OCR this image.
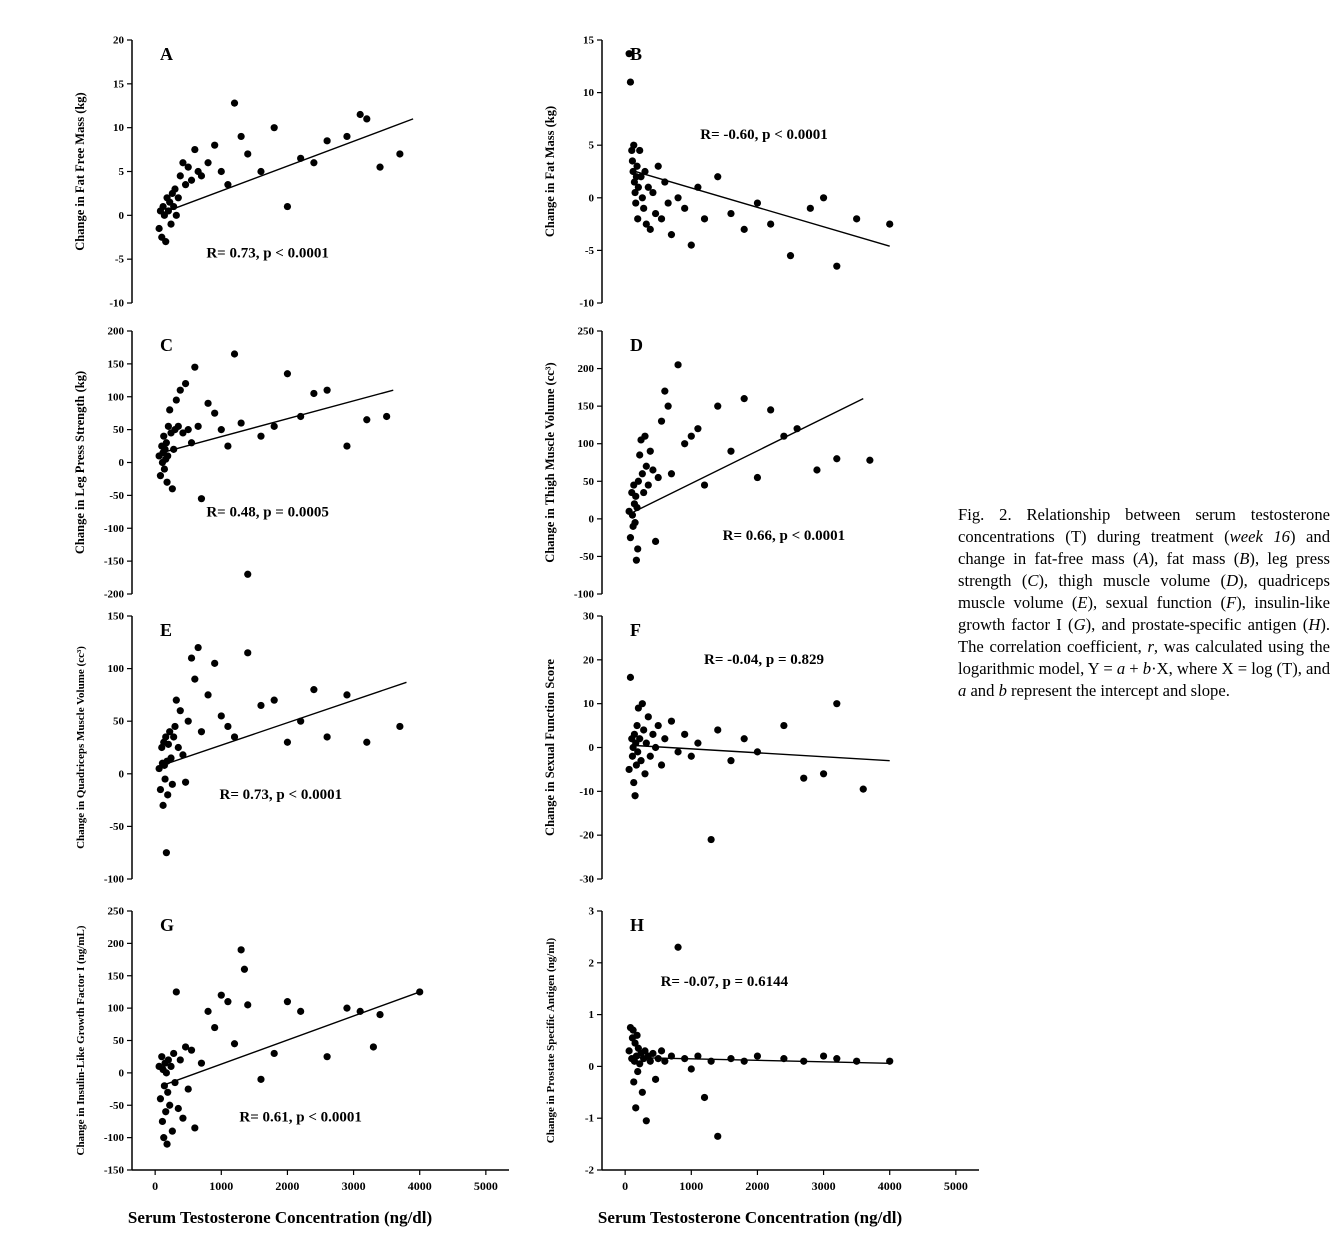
20
15
10
5
0
-5
-10
Change in Fat Free Mass (kg)
A
R= 0.73, p < 0.0001
15
10
5
0
-5
-10
Change in Fat Mass (kg)
B
R= -0.60, p < 0.0001
200
150
100
50
0
-50
-100
-150
-200
Change in Leg Press Strength (kg)
C
R= 0.48, p = 0.0005
250
200
150
100
50
0
-50
-100
Change in Thigh Muscle Volume (cc³)
D
R= 0.66, p < 0.0001
150
100
50
0
-50
-100
Change in Quadriceps Muscle Volume (cc³)
E
R= 0.73, p < 0.0001
30
20
10
0
-10
-20
-30
Change in Sexual Function Score
F
R= -0.04, p = 0.829
250
200
150
100
50
0
-50
-100
-150
Change in Insulin-Like Growth Factor I (ng/mL)
0	1000	2000	3000	4000	5000
G
R= 0.61, p < 0.0001
3
2
1
0
-1
-2
Change in Prostate Specific Antigen (ng/ml)
0	1000	2000	3000	4000	5000
H
R= -0.07, p = 0.6144
Serum Testosterone Concentration (ng/dl)	Serum Testosterone Concentration (ng/dl)

Fig. 2. Relationship between serum testosterone concentrations (T) during treatment (week 16) and change in fat-free mass (A), fat mass (B), leg press strength (C), thigh muscle volume (D), quadriceps muscle volume (E), sexual function (F), insulin-like growth factor I (G), and prostate-specific antigen (H). The correlation coefficient, r, was calculated using the logarithmic model, Y = a + b·X, where X = log (T), and a and b represent the intercept and slope.
